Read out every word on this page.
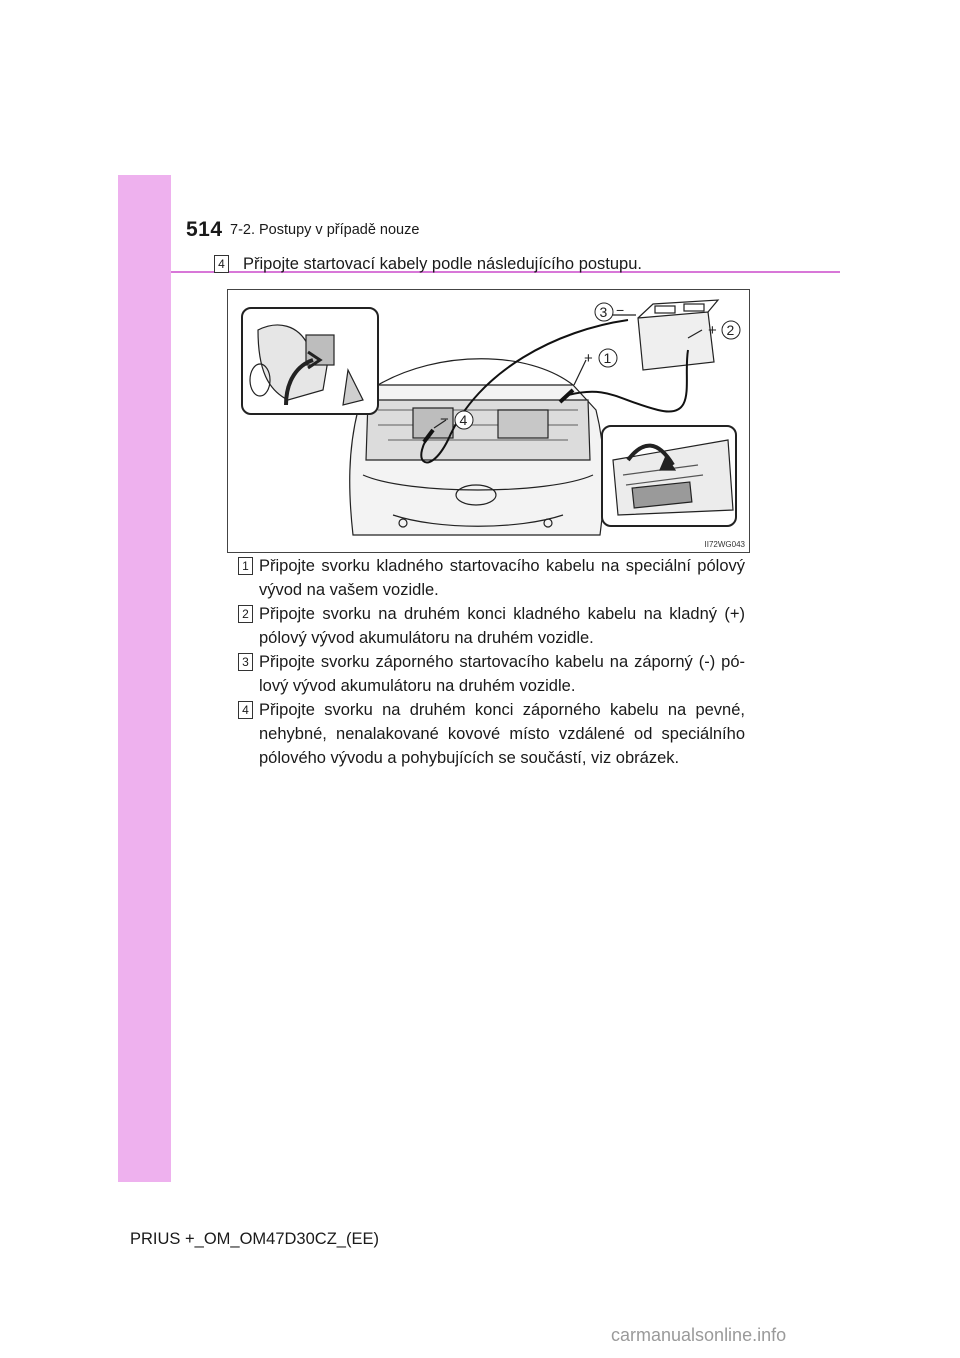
514 7-2. Postupy v případě nouze
4 Připojte startovací kabely podle následujícího postupu.
3 −
2
+
1
+
4
−
II72WG043
1 Připojte svorku kladného startovacího kabelu na speciální pólový vývod na vašem vozidle.
2 Připojte svorku na druhém konci kladného kabelu na kladný (+) pólový vývod akumulátoru na druhém vozidle.
3 Připojte svorku záporného startovacího kabelu na záporný (-) pólový vývod akumulátoru na druhém vozidle.
4 Připojte svorku na druhém konci záporného kabelu na pevné, nehybné, nenalakované kovové místo vzdálené od speciálního pólového vývodu a pohybujících se součástí, viz obrázek.
PRIUS +_OM_OM47D30CZ_(EE)
carmanualsonline.info
